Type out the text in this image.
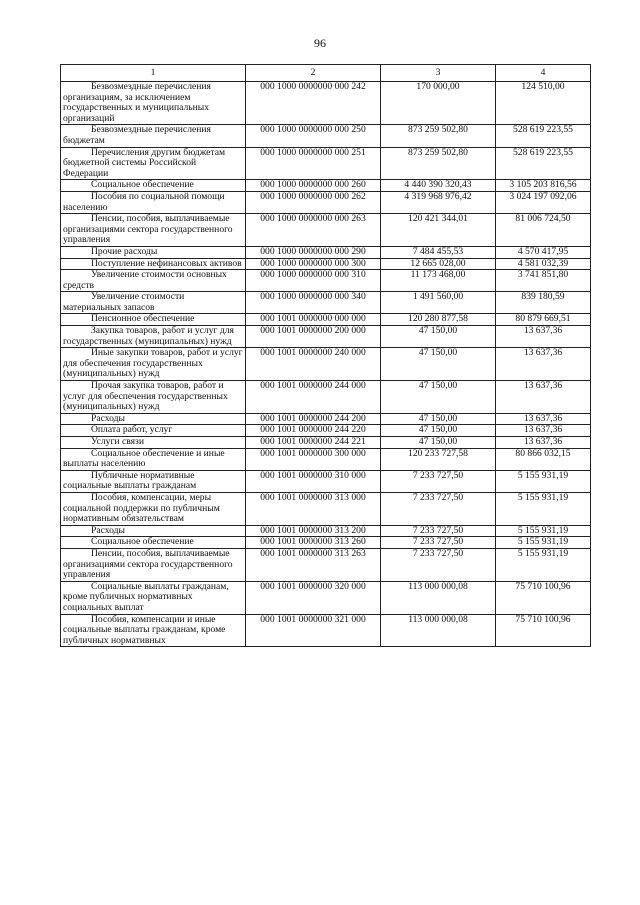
96
1	2	3	4
Безвозмездные перечисления организациям, за исключением государственных и муниципальных организаций	000 1000 0000000 000 242	170 000,00	124 510,00
Безвозмездные перечисления бюджетам	000 1000 0000000 000 250	873 259 502,80	528 619 223,55
Перечисления другим бюджетам бюджетной системы Российской Федерации	000 1000 0000000 000 251	873 259 502,80	528 619 223,55
Социальное обеспечение	000 1000 0000000 000 260	4 440 390 320,43	3 105 203 816,56
Пособия по социальной помощи населению	000 1000 0000000 000 262	4 319 968 976,42	3 024 197 092,06
Пенсии, пособия, выплачиваемые организациями сектора государственного управления	000 1000 0000000 000 263	120 421 344,01	81 006 724,50
Прочие расходы	000 1000 0000000 000 290	7 484 455,53	4 570 417,95
Поступление нефинансовых активов	000 1000 0000000 000 300	12 665 028,00	4 581 032,39
Увеличение стоимости основных средств	000 1000 0000000 000 310	11 173 468,00	3 741 851,80
Увеличение стоимости материальных запасов	000 1000 0000000 000 340	1 491 560,00	839 180,59
Пенсионное обеспечение	000 1001 0000000 000 000	120 280 877,58	80 879 669,51
Закупка товаров, работ и услуг для государственных (муниципальных) нужд	000 1001 0000000 200 000	47 150,00	13 637,36
Иные закупки товаров, работ и услуг для обеспечения государственных (муниципальных) нужд	000 1001 0000000 240 000	47 150,00	13 637,36
Прочая закупка товаров, работ и услуг для обеспечения государственных (муниципальных) нужд	000 1001 0000000 244 000	47 150,00	13 637,36
Расходы	000 1001 0000000 244 200	47 150,00	13 637,36
Оплата работ, услуг	000 1001 0000000 244 220	47 150,00	13 637,36
Услуги связи	000 1001 0000000 244 221	47 150,00	13 637,36
Социальное обеспечение и иные выплаты населению	000 1001 0000000 300 000	120 233 727,58	80 866 032,15
Публичные нормативные социальные выплаты гражданам	000 1001 0000000 310 000	7 233 727,50	5 155 931,19
Пособия, компенсации, меры социальной поддержки по публичным нормативным обязательствам	000 1001 0000000 313 000	7 233 727,50	5 155 931,19
Расходы	000 1001 0000000 313 200	7 233 727,50	5 155 931,19
Социальное обеспечение	000 1001 0000000 313 260	7 233 727,50	5 155 931,19
Пенсии, пособия, выплачиваемые организациями сектора государственного управления	000 1001 0000000 313 263	7 233 727,50	5 155 931,19
Социальные выплаты гражданам, кроме публичных нормативных социальных выплат	000 1001 0000000 320 000	113 000 000,08	75 710 100,96
Пособия, компенсации и иные социальные выплаты гражданам, кроме публичных нормативных	000 1001 0000000 321 000	113 000 000,08	75 710 100,96
